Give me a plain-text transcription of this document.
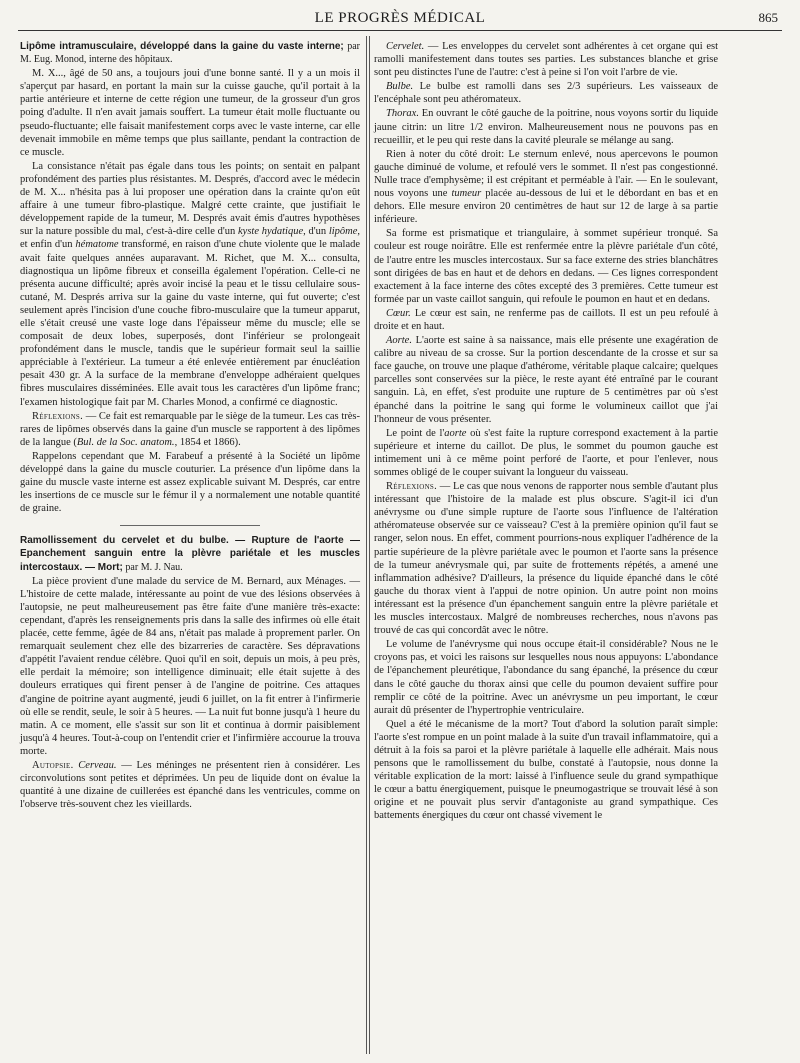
LE PROGRÈS MÉDICAL	865

Lipôme intramusculaire, développé dans la gaine du vaste interne; par M. Eug. Monod, interne des hôpitaux.

M. X..., âgé de 50 ans, a toujours joui d'une bonne santé. Il y a un mois il s'aperçut par hasard, en portant la main sur la cuisse gauche, qu'il portait à la partie antérieure et interne de cette région une tumeur, de la grosseur d'un gros poing d'adulte. Il n'en avait jamais souffert. La tumeur était molle fluctuante ou pseudo-fluctuante; elle faisait manifestement corps avec le vaste interne, car elle devenait immobile en même temps que plus saillante, pendant la contraction de ce muscle.

La consistance n'était pas égale dans tous les points; on sentait en palpant profondément des parties plus résistantes. M. Després, d'accord avec le médecin de M. X... n'hésita pas à lui proposer une opération dans la crainte qu'on eût affaire à une tumeur fibro-plastique. Malgré cette crainte, que justifiait le développement rapide de la tumeur, M. Després avait émis d'autres hypothèses sur la nature possible du mal, c'est-à-dire celle d'un kyste hydatique, d'un lipôme, et enfin d'un hématome transformé, en raison d'une chute violente que le malade avait faite quelques années auparavant. M. Richet, que M. X... consulta, diagnostiqua un lipôme fibreux et conseilla également l'opération. Celle-ci ne présenta aucune difficulté; après avoir incisé la peau et le tissu cellulaire sous-cutané, M. Després arriva sur la gaine du vaste interne, qui fut ouverte; c'est seulement après l'incision d'une couche fibro-musculaire que la tumeur apparut, elle s'était creusé une vaste loge dans l'épaisseur même du muscle; elle se composait de deux lobes, superposés, dont l'inférieur se prolongeait profondément dans le muscle, tandis que le supérieur formait seul la saillie appréciable à l'extérieur. La tumeur a été enlevée entièrement par énucléation pesait 430 gr. A la surface de la membrane d'enveloppe adhéraient quelques fibres musculaires disséminées. Elle avait tous les caractères d'un lipôme franc; l'examen histologique fait par M. Charles Monod, a confirmé ce diagnostic.

Réflexions. — Ce fait est remarquable par le siège de la tumeur. Les cas très-rares de lipômes observés dans la gaine d'un muscle se rapportent à des lipômes de la langue (Bul. de la Soc. anatom., 1854 et 1866).

Rappelons cependant que M. Farabeuf a présenté à la Société un lipôme développé dans la gaine du muscle couturier. La présence d'un lipôme dans la gaine du muscle vaste interne est assez explicable suivant M. Després, car entre les insertions de ce muscle sur le fémur il y a normalement une notable quantité de graine.

Ramollissement du cervelet et du bulbe. — Rupture de l'aorte — Epanchement sanguin entre la plèvre pariétale et les muscles intercostaux. — Mort; par M. J. Nau.

La pièce provient d'une malade du service de M. Bernard, aux Ménages. — L'histoire de cette malade, intéressante au point de vue des lésions observées à l'autopsie, ne peut malheureusement pas être faite d'une manière très-exacte: cependant, d'après les renseignements pris dans la salle des infirmes où elle était placée, cette femme, âgée de 84 ans, n'était pas malade à proprement parler. On remarquait seulement chez elle des bizarreries de caractère. Ses dépravations d'appétit l'avaient rendue célèbre. Quoi qu'il en soit, depuis un mois, à peu près, elle perdait la mémoire; son intelligence diminuait; elle était sujette à des douleurs erratiques qui firent penser à de l'angine de poitrine. Ces attaques d'angine de poitrine ayant augmenté, jeudi 6 juillet, on la fit entrer à l'infirmerie où elle se rendit, seule, le soir à 5 heures. — La nuit fut bonne jusqu'à 1 heure du matin. A ce moment, elle s'assit sur son lit et continua à dormir paisiblement jusqu'à 4 heures. Tout-à-coup on l'entendit crier et l'infirmière accourue la trouva morte.

Autopsie. Cerveau. — Les méninges ne présentent rien à considérer. Les circonvolutions sont petites et déprimées. Un peu de liquide dont on évalue la quantité à une dizaine de cuillerées est épanché dans les ventricules, comme on l'observe très-souvent chez les vieillards.

Cervelet. — Les enveloppes du cervelet sont adhérentes à cet organe qui est ramolli manifestement dans toutes ses parties. Les substances blanche et grise sont peu distinctes l'une de l'autre: c'est à peine si l'on voit l'arbre de vie.

Bulbe. Le bulbe est ramolli dans ses 2/3 supérieurs. Les vaisseaux de l'encéphale sont peu athéromateux.

Thorax. En ouvrant le côté gauche de la poitrine, nous voyons sortir du liquide jaune citrin: un litre 1/2 environ. Malheureusement nous ne pouvons pas en recueillir, et le peu qui reste dans la cavité pleurale se mélange au sang.

Rien à noter du côté droit: Le sternum enlevé, nous apercevons le poumon gauche diminué de volume, et refoulé vers le sommet. Il n'est pas congestionné. Nulle trace d'emphysème; il est crépitant et perméable à l'air. — En le soulevant, nous voyons une tumeur placée au-dessous de lui et le débordant en bas et en dehors. Elle mesure environ 20 centimètres de haut sur 12 de large à sa partie inférieure.

Sa forme est prismatique et triangulaire, à sommet supérieur tronqué. Sa couleur est rouge noirâtre. Elle est renfermée entre la plèvre pariétale d'un côté, de l'autre entre les muscles intercostaux. Sur sa face externe des stries blanchâtres sont dirigées de bas en haut et de dehors en dedans. — Ces lignes correspondent exactement à la face interne des côtes excepté des 3 premières. Cette tumeur est formée par un vaste caillot sanguin, qui refoule le poumon en haut et en dedans.

Cœur. Le cœur est sain, ne renferme pas de caillots. Il est un peu refoulé à droite et en haut.

Aorte. L'aorte est saine à sa naissance, mais elle présente une exagération de calibre au niveau de sa crosse. Sur la portion descendante de la crosse et sur sa face gauche, on trouve une plaque d'athérome, véritable plaque calcaire; quelques parcelles sont conservées sur la pièce, le reste ayant été entraîné par le courant sanguin. Là, en effet, s'est produite une rupture de 5 centimètres par où s'est épanché dans la poitrine le sang qui forme le volumineux caillot que j'ai l'honneur de vous présenter.

Le point de l'aorte où s'est faite la rupture correspond exactement à la partie supérieure et interne du caillot. De plus, le sommet du poumon gauche est intimement uni à ce même point perforé de l'aorte, et pour l'enlever, nous sommes obligé de le couper suivant la longueur du vaisseau.

Réflexions. — Le cas que nous venons de rapporter nous semble d'autant plus intéressant que l'histoire de la malade est plus obscure. S'agit-il ici d'un anévrysme ou d'une simple rupture de l'aorte sous l'influence de l'altération athéromateuse observée sur ce vaisseau? C'est à la première opinion qu'il faut se ranger, selon nous. En effet, comment pourrions-nous expliquer l'adhérence de la partie supérieure de la plèvre pariétale avec le poumon et l'aorte sans la présence de la tumeur anévrysmale qui, par suite de frottements répétés, a amené une inflammation adhésive? D'ailleurs, la présence du liquide épanché dans le côté gauche du thorax vient à l'appui de notre opinion. Un autre point non moins intéressant est la présence d'un épanchement sanguin entre la plèvre pariétale et les muscles intercostaux. Malgré de nombreuses recherches, nous n'avons pas trouvé de cas qui concordât avec le nôtre.

Le volume de l'anévrysme qui nous occupe était-il considérable? Nous ne le croyons pas, et voici les raisons sur lesquelles nous nous appuyons: L'abondance de l'épanchement pleurétique, l'abondance du sang épanché, la présence du cœur dans le côté gauche du thorax ainsi que celle du poumon devaient suffire pour remplir ce côté de la poitrine. Avec un anévrysme un peu important, le cœur aurait dû présenter de l'hypertrophie ventriculaire.

Quel a été le mécanisme de la mort? Tout d'abord la solution paraît simple: l'aorte s'est rompue en un point malade à la suite d'un travail inflammatoire, qui a détruit à la fois sa paroi et la plèvre pariétale à laquelle elle adhérait. Mais nous pensons que le ramollissement du bulbe, constaté à l'autopsie, nous donne la véritable explication de la mort: laissé à l'influence seule du grand sympathique le cœur a battu énergiquement, puisque le pneumogastrique se trouvait lésé à son origine et ne pouvait plus servir d'antagoniste au grand sympathique. Ces battements énergiques du cœur ont chassé vivement le
